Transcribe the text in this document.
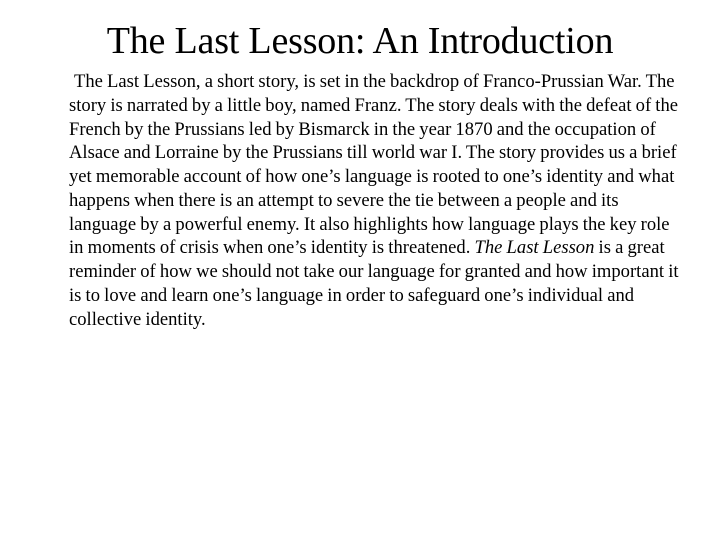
The Last Lesson: An Introduction

The Last Lesson, a short story, is set in the backdrop of Franco-Prussian War. The story is narrated by a little boy, named Franz. The story deals with the defeat of the French by the Prussians led by Bismarck in the year 1870 and the occupation of Alsace and Lorraine by the Prussians till world war I. The story provides us a brief yet memorable account of how one’s language is rooted to one’s identity and what happens when there is an attempt to severe the tie between a people and its language by a powerful enemy. It also highlights how language plays the key role in moments of crisis when one’s identity is threatened. The Last Lesson is a great reminder of how we should not take our language for granted and how important it is to love and learn one’s language in order to safeguard one’s individual and collective identity.
